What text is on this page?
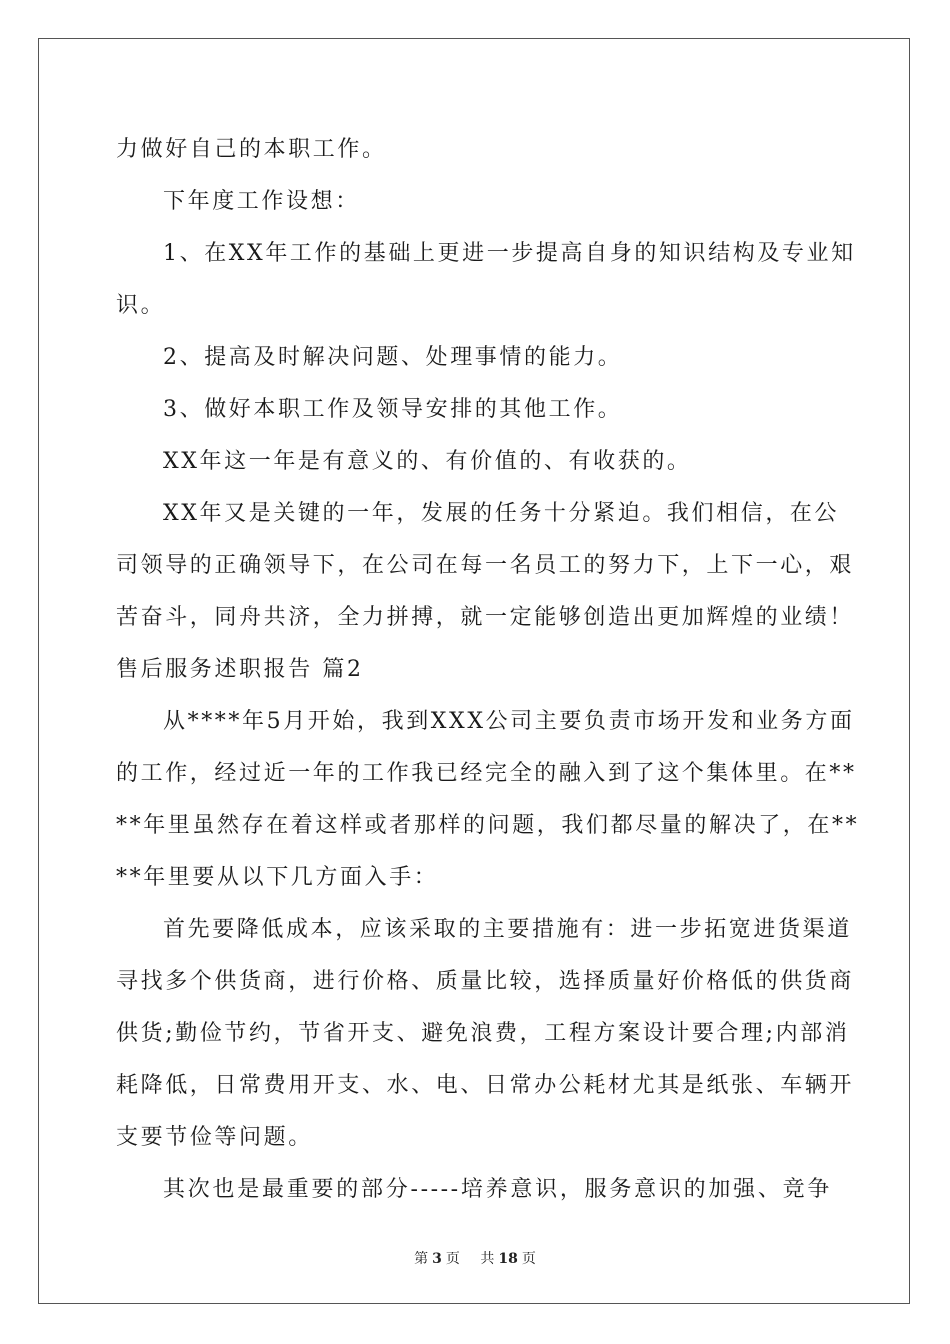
力做好自己的本职工作。
下年度工作设想：
1、在XX年工作的基础上更进一步提高自身的知识结构及专业知
识。
2、提高及时解决问题、处理事情的能力。
3、做好本职工作及领导安排的其他工作。
XX年这一年是有意义的、有价值的、有收获的。
XX年又是关键的一年，发展的任务十分紧迫。我们相信，在公
司领导的正确领导下，在公司在每一名员工的努力下，上下一心，艰
苦奋斗，同舟共济，全力拼搏，就一定能够创造出更加辉煌的业绩！
售后服务述职报告 篇2
从****年5月开始，我到XXX公司主要负责市场开发和业务方面
的工作，经过近一年的工作我已经完全的融入到了这个集体里。在**
**年里虽然存在着这样或者那样的问题，我们都尽量的解决了，在**
**年里要从以下几方面入手：
首先要降低成本，应该采取的主要措施有：进一步拓宽进货渠道
寻找多个供货商，进行价格、质量比较，选择质量好价格低的供货商
供货;勤俭节约，节省开支、避免浪费，工程方案设计要合理;内部消
耗降低，日常费用开支、水、电、日常办公耗材尤其是纸张、车辆开
支要节俭等问题。
其次也是最重要的部分-----培养意识，服务意识的加强、竞争
第 3 页 共 18 页
